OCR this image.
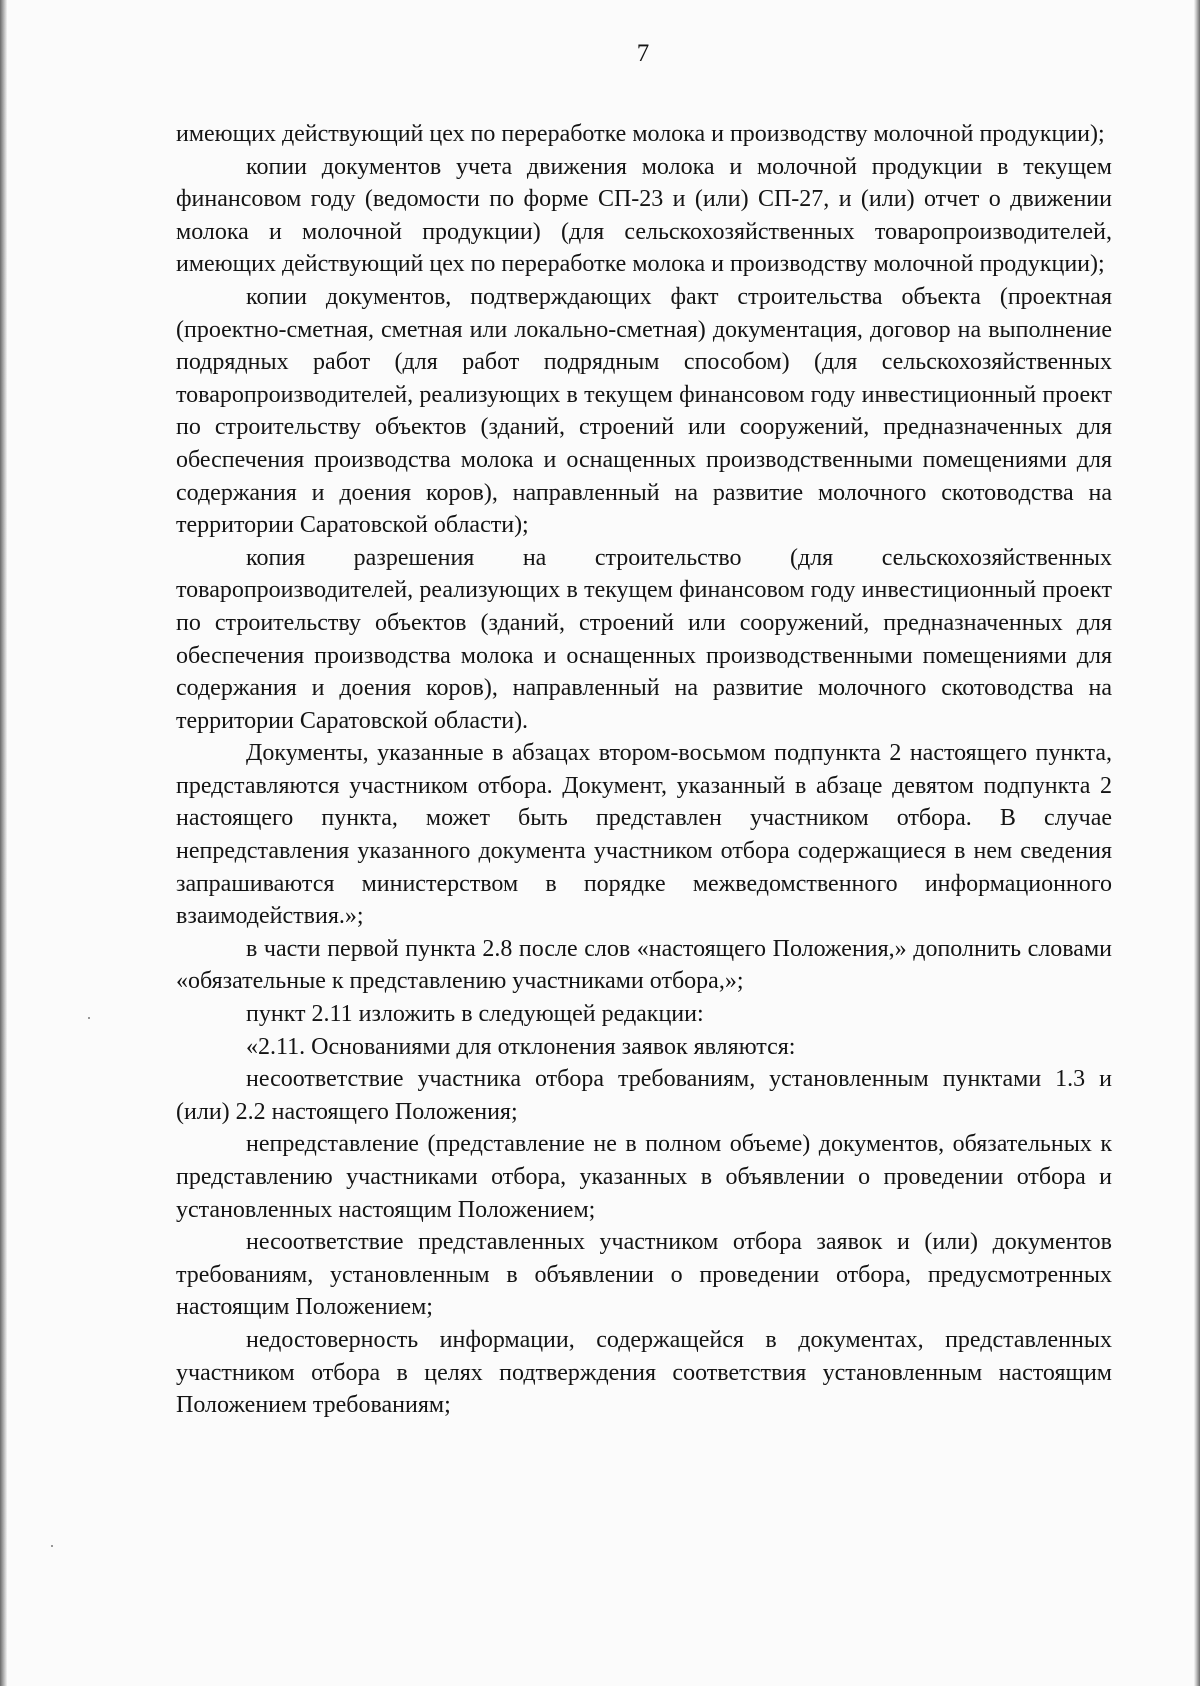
7

имеющих действующий цех по переработке молока и производству молочной продукции);

копии документов учета движения молока и молочной продукции в текущем финансовом году (ведомости по форме СП-23 и (или) СП-27, и (или) отчет о движении молока и молочной продукции) (для сельскохозяйственных товаропроизводителей, имеющих действующий цех по переработке молока и производству молочной продукции);

копии документов, подтверждающих факт строительства объекта (проектная (проектно-сметная, сметная или локально-сметная) документация, договор на выполнение подрядных работ (для работ подрядным способом) (для сельскохозяйственных товаропроизводителей, реализующих в текущем финансовом году инвестиционный проект по строительству объектов (зданий, строений или сооружений, предназначенных для обеспечения производства молока и оснащенных производственными помещениями для содержания и доения коров), направленный на развитие молочного скотоводства на территории Саратовской области);

копия разрешения на строительство (для сельскохозяйственных товаропроизводителей, реализующих в текущем финансовом году инвестиционный проект по строительству объектов (зданий, строений или сооружений, предназначенных для обеспечения производства молока и оснащенных производственными помещениями для содержания и доения коров), направленный на развитие молочного скотоводства на территории Саратовской области).

Документы, указанные в абзацах втором-восьмом подпункта 2 настоящего пункта, представляются участником отбора. Документ, указанный в абзаце девятом подпункта 2 настоящего пункта, может быть представлен участником отбора. В случае непредставления указанного документа участником отбора содержащиеся в нем сведения запрашиваются министерством в порядке межведомственного информационного взаимодействия.»;

в части первой пункта 2.8 после слов «настоящего Положения,» дополнить словами «обязательные к представлению участниками отбора,»;

пункт 2.11 изложить в следующей редакции:

«2.11. Основаниями для отклонения заявок являются:

несоответствие участника отбора требованиям, установленным пунктами 1.3 и (или) 2.2 настоящего Положения;

непредставление (представление не в полном объеме) документов, обязательных к представлению участниками отбора, указанных в объявлении о проведении отбора и установленных настоящим Положением;

несоответствие представленных участником отбора заявок и (или) документов требованиям, установленным в объявлении о проведении отбора, предусмотренных настоящим Положением;

недостоверность информации, содержащейся в документах, представленных участником отбора в целях подтверждения соответствия установленным настоящим Положением требованиям;
